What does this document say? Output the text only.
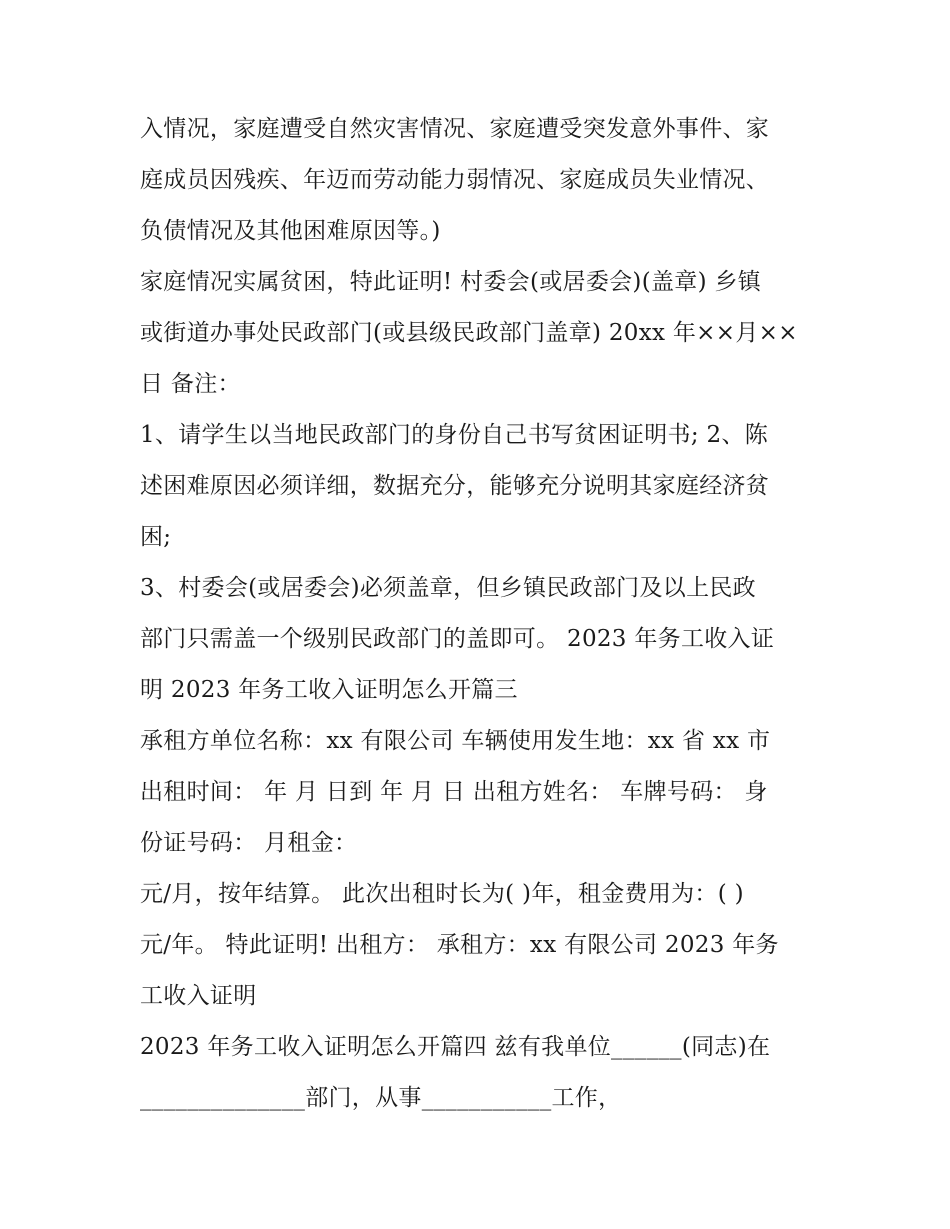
入情况，家庭遭受自然灾害情况、家庭遭受突发意外事件、家
庭成员因残疾、年迈而劳动能力弱情况、家庭成员失业情况、
负债情况及其他困难原因等。)
家庭情况实属贫困，特此证明! 村委会(或居委会)(盖章) 乡镇
或街道办事处民政部门(或县级民政部门盖章) 20xx 年××月××
日 备注：
1、请学生以当地民政部门的身份自己书写贫困证明书; 2、陈
述困难原因必须详细，数据充分，能够充分说明其家庭经济贫
困;
3、村委会(或居委会)必须盖章，但乡镇民政部门及以上民政
部门只需盖一个级别民政部门的盖即可。 2023 年务工收入证
明 2023 年务工收入证明怎么开篇三
承租方单位名称：xx 有限公司 车辆使用发生地：xx 省 xx 市
出租时间： 年 月 日到 年 月 日 出租方姓名： 车牌号码： 身
份证号码： 月租金：
元/月，按年结算。 此次出租时长为( )年，租金费用为：( )
元/年。 特此证明! 出租方： 承租方：xx 有限公司 2023 年务
工收入证明
2023 年务工收入证明怎么开篇四 兹有我单位______(同志)在
______________部门，从事___________工作，
